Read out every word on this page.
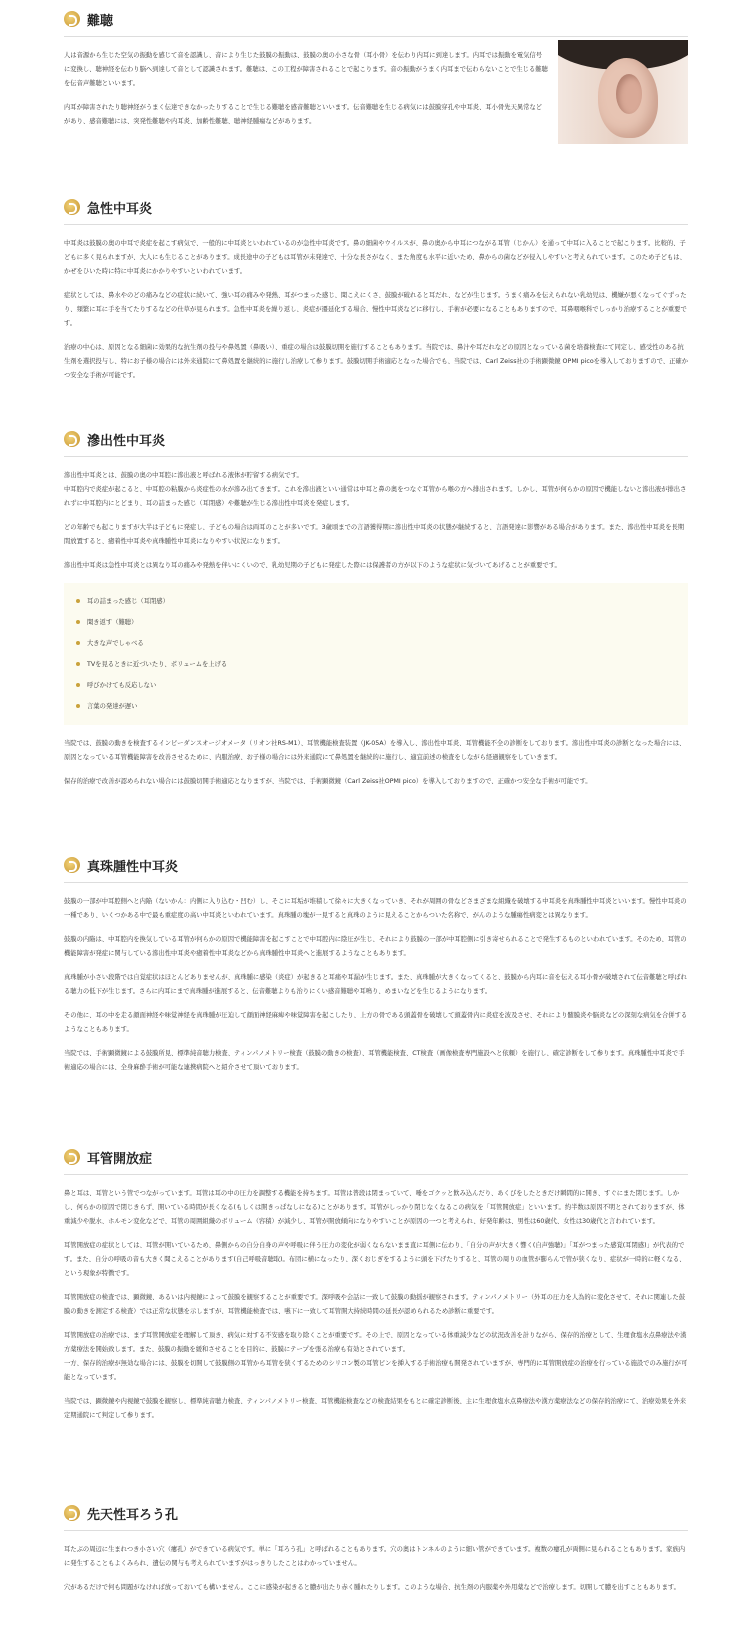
難聴

人は音源から生じた空気の振動を感じて音を認識し、音により生じた鼓膜の振動は、鼓膜の奥の小さな骨（耳小骨）を伝わり内耳に到達します。内耳では振動を電気信号に変換し、聴神経を伝わり脳へ到達して音として認識されます。難聴は、この工程が障害されることで起こります。音の振動がうまく内耳まで伝わらないことで生じる難聴を伝音声難聴といいます。

内耳が障害されたり聴神経がうまく伝達できなかったりすることで生じる難聴を感音難聴といいます。伝音難聴を生じる病気には鼓膜穿孔や中耳炎、耳小骨先天異常などがあり、感音難聴には、突発性難聴や内耳炎、加齢性難聴、聴神経腫瘍などがあります。

急性中耳炎

中耳炎は鼓膜の奥の中耳で炎症を起こす病気で、一般的に中耳炎といわれているのが急性中耳炎です。鼻の細菌やウイルスが、鼻の奥から中耳につながる耳管（じかん）を通って中耳に入ることで起こります。比較的、子どもに多く見られますが、大人にも生じることがあります。成長途中の子どもは耳管が未発達で、十分な長さがなく、また角度も水平に近いため、鼻からの菌などが侵入しやすいと考えられています。このため子どもは、かぜをひいた時に特に中耳炎にかかりやすいといわれています。

症状としては、鼻水やのどの痛みなどの症状に続いて、強い耳の痛みや発熱、耳がつまった感じ、聞こえにくさ、鼓膜が破れると耳だれ、などが生じます。うまく痛みを伝えられない乳幼児は、機嫌が悪くなってぐずったり、頻繁に耳に手を当てたりするなどの仕草が見られます。急性中耳炎を繰り返し、炎症が遷延化する場合、慢性中耳炎などに移行し、手術が必要になることもありますので、耳鼻咽喉科でしっかり治療することが重要です。

治療の中心は、原因となる細菌に効果的な抗生剤の投与や鼻処置（鼻吸い）、重症の場合は鼓膜切開を施行することもあります。当院では、鼻汁や耳だれなどの原因となっている菌を培養検査にて同定し、感受性のある抗生剤を選択投与し、特にお子様の場合には外来通院にて鼻処置を継続的に施行し治療して参ります。鼓膜切開手術適応となった場合でも、当院では、Carl Zeiss社の手術顕微鏡 OPMI picoを導入しておりますので、正確かつ安全な手術が可能です。

滲出性中耳炎

滲出性中耳炎とは、鼓膜の奥の中耳腔に滲出液と呼ばれる液体が貯留する病気です。
中耳腔内で炎症が起こると、中耳腔の粘膜から炎症性の水が滲み出てきます。これを滲出液といい通常は中耳と鼻の奥をつなぐ耳管から喉の方へ排出されます。しかし、耳管が何らかの原因で機能しないと滲出液が排出されずに中耳腔内にとどまり、耳の詰まった感じ（耳閉感）や難聴が生じる滲出性中耳炎を発症します。

どの年齢でも起こりますが大半は子どもに発症し、子どもの場合は両耳のことが多いです。3歳頃までの言語獲得期に滲出性中耳炎の状態が継続すると、言語発達に影響がある場合があります。また、滲出性中耳炎を長期間放置すると、癒着性中耳炎や真珠腫性中耳炎になりやすい状況になります。

滲出性中耳炎は急性中耳炎とは異なり耳の痛みや発熱を伴いにくいので、乳幼児期の子どもに発症した際には保護者の方が以下のような症状に気づいてあげることが重要です。

耳の詰まった感じ（耳閉感）
聞き返す（難聴）
大きな声でしゃべる
TVを見るときに近づいたり、ボリュームを上げる
呼びかけても反応しない
言葉の発達が遅い

当院では、鼓膜の動きを検査するインピーダンスオージオメータ（リオン社RS-M1）、耳管機能検査装置（JK-05A）を導入し、滲出性中耳炎、耳管機能不全の診断をしております。滲出性中耳炎の診断となった場合には、原因となっている耳管機能障害を改善させるために、内服治療、お子様の場合には外来通院にて鼻処置を継続的に施行し、適宜前述の検査をしながら経過観察をしていきます。

保存的治療で改善が認められない場合には鼓膜切開手術適応となりますが、当院では、手術顕微鏡（Carl Zeiss社OPMI pico）を導入しておりますので、正確かつ安全な手術が可能です。

真珠腫性中耳炎

鼓膜の一部が中耳腔側へと内陥（ないかん：内側に入り込む・凹む）し、そこに耳垢が堆積して徐々に大きくなっていき、それが周囲の骨などさまざまな組織を破壊する中耳炎を真珠腫性中耳炎といいます。慢性中耳炎の一種であり、いくつかある中で最も重症度の高い中耳炎といわれています。真珠腫の塊が一見すると真珠のように見えることからついた名称で、がんのような腫瘍性病変とは異なります。

鼓膜の内陥は、中耳腔内を換気している耳管が何らかの原因で機能障害を起こすことで中耳腔内に陰圧が生じ、それにより鼓膜の一部が中耳腔側に引き寄せられることで発生するものといわれています。そのため、耳管の機能障害が発症に関与している滲出性中耳炎や癒着性中耳炎などから真珠腫性中耳炎へと進展するようなこともあります。

真珠腫が小さい段階では自覚症状はほとんどありませんが、真珠腫に感染（炎症）が起きると耳痛や耳漏が生じます。また、真珠腫が大きくなってくると、鼓膜から内耳に音を伝える耳小骨が破壊されて伝音難聴と呼ばれる聴力の低下が生じます。さらに内耳にまで真珠腫が進展すると、伝音難聴よりも治りにくい感音難聴や耳鳴り、めまいなどを生じるようになります。

その他に、耳の中を走る顔面神経や味覚神経を真珠腫が圧迫して顔面神経麻痺や味覚障害を起こしたり、上方の骨である頭蓋骨を破壊して頭蓋骨内に炎症を波及させ、それにより髄膜炎や脳炎などの深刻な病気を合併するようなこともあります。

当院では、手術顕微鏡による鼓膜所見、標準純音聴力検査、ティンパノメトリー検査（鼓膜の動きの検査）、耳管機能検査、CT検査（画像検査専門施設へと依頼）を施行し、確定診断をして参ります。真珠腫性中耳炎で手術適応の場合には、全身麻酔手術が可能な連携病院へと紹介させて頂いております。

耳管開放症

鼻と耳は、耳管という管でつながっています。耳管は耳の中の圧力を調整する機能を持ちます。耳管は普段は閉まっていて、唾をゴクッと飲み込んだり、あくびをしたときだけ瞬間的に開き、すぐにまた閉じます。しかし、何らかの原因で閉じきらず、開いている時間が長くなる(もしくは開きっぱなしになる)ことがあります。耳管がしっかり閉じなくなるこの病気を「耳管開放症」といいます。約半数は原因不明とされておりますが、体重減少や脱水、ホルモン変化などで、耳管の周囲組織のボリューム（容積）が減少し、耳管が開放傾向になりやすいことが原因の一つと考えられ、好発年齢は、男性は60歳代、女性は30歳代と言われています。

耳管開放症の症状としては、耳管が開いているため、鼻側からの自分自身の声や呼吸に伴う圧力の変化が弱くならないまま直に耳側に伝わり、「自分の声が大きく響く(自声強聴)」「耳がつまった感覚(耳閉感)」が代表的です。また、自分の呼吸の音も大きく聞こえることがあります(自己呼吸音聴取)。布団に横になったり、深くおじぎをするように頭を下げたりすると、耳管の周りの血管が膨らんで管が狭くなり、症状が一時的に軽くなる、という現象が特徴です。

耳管開放症の検査では、顕微鏡、あるいは内視鏡によって鼓膜を観察することが重要です。深呼吸や会話に一致して鼓膜の動揺が観察されます。ティンパノメトリー（外耳の圧力を人為的に変化させて、それに関連した鼓膜の動きを測定する検査）では正常な状態を示しますが、耳管機能検査では、嚥下に一致して耳管開大持続時間の延長が認められるため診断に重要です。

耳管開放症の治療では、まず耳管開放症を理解して頂き、病気に対する不安感を取り除くことが重要です。その上で、原因となっている体重減少などの状況改善を計りながら、保存的治療として、生理食塩水点鼻療法や漢方薬療法を開始致します。また、鼓膜の振動を緩和させることを目的に、鼓膜にテープを張る治療も有効とされています。
一方、保存的治療が無効な場合には、鼓膜を切開して鼓膜側の耳管から耳管を狭くするためのシリコン製の耳管ピンを挿入する手術治療も開発されていますが、専門的に耳管開放症の治療を行っている施設でのみ施行が可能となっています。

当院では、顕微鏡や内視鏡で鼓膜を観察し、標準純音聴力検査、ティンパノメトリー検査、耳管機能検査などの検査結果をもとに確定診断後、主に生理食塩水点鼻療法や漢方薬療法などの保存的治療にて、治療効果を外来定期通院にて判定して参ります。

先天性耳ろう孔

耳たぶの周辺に生まれつき小さい穴（瘻孔）ができている病気です。単に「耳ろう孔」と呼ばれることもあります。穴の奥はトンネルのように細い管ができています。複数の瘻孔が両側に見られることもあります。家族内に発生することもよくみられ、遺伝の関与も考えられていますがはっきりしたことはわかっていません。

穴があるだけで何も問題がなければ放っておいても構いません。ここに感染が起きると膿が出たり赤く腫れたりします。このような場合、抗生剤の内服薬や外用薬などで治療します。切開して膿を出すこともあります。
